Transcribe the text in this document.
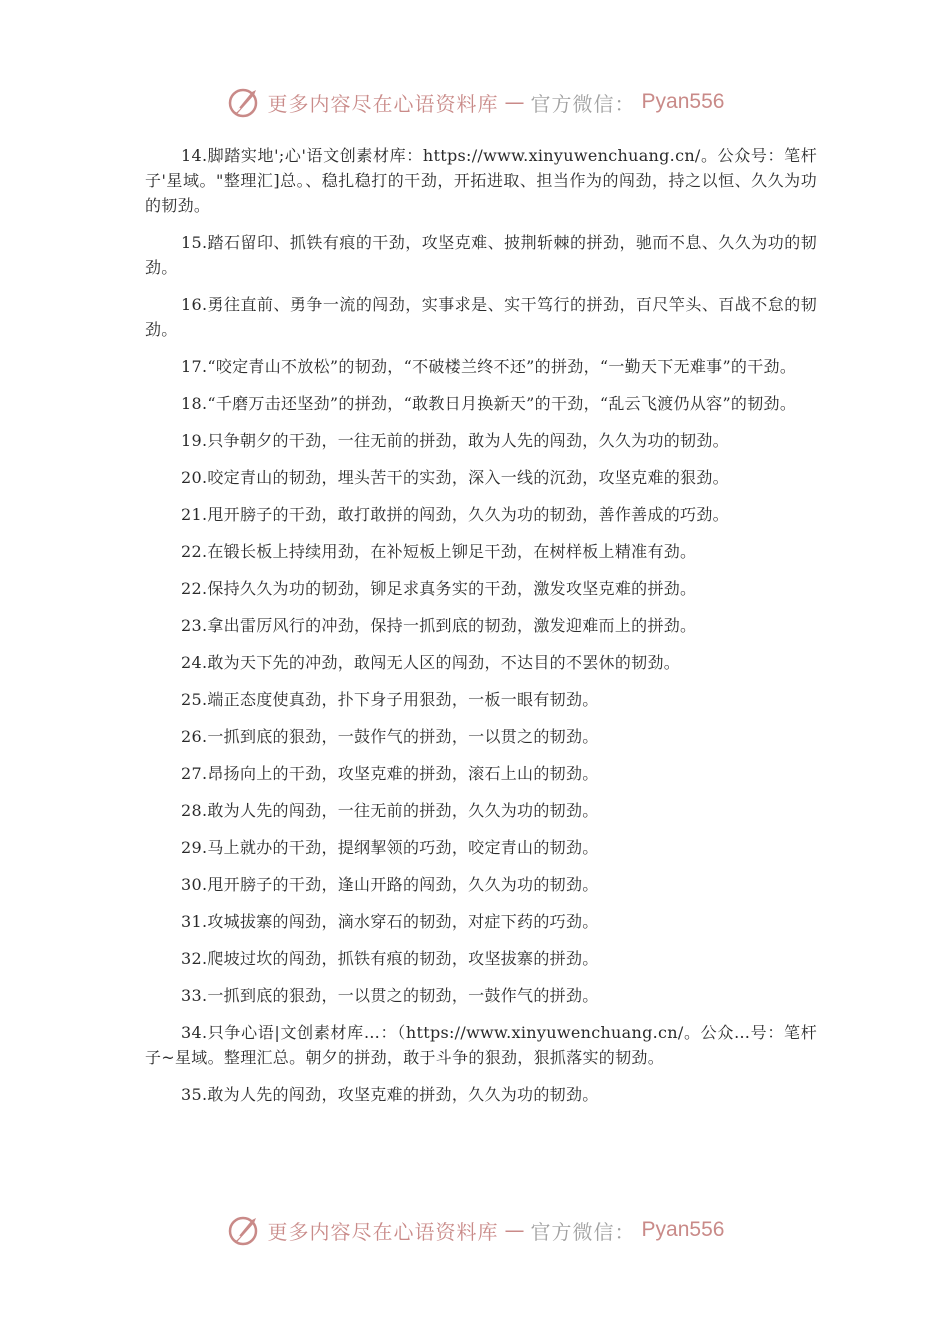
更多内容尽在心语资料库 — 官方微信： Pyan556

14.脚踏实地';心'语文创素材库：https://www.xinyuwenchuang.cn/。公众号：笔杆子'星域。"整理汇]总。、稳扎稳打的干劲，开拓进取、担当作为的闯劲，持之以恒、久久为功的韧劲。

15.踏石留印、抓铁有痕的干劲，攻坚克难、披荆斩棘的拼劲，驰而不息、久久为功的韧劲。

16.勇往直前、勇争一流的闯劲，实事求是、实干笃行的拼劲，百尺竿头、百战不怠的韧劲。

17.“咬定青山不放松”的韧劲，“不破楼兰终不还”的拼劲，“一勤天下无难事”的干劲。

18.“千磨万击还坚劲”的拼劲，“敢教日月换新天”的干劲，“乱云飞渡仍从容”的韧劲。

19.只争朝夕的干劲，一往无前的拼劲，敢为人先的闯劲，久久为功的韧劲。

20.咬定青山的韧劲，埋头苦干的实劲，深入一线的沉劲，攻坚克难的狠劲。

21.甩开膀子的干劲，敢打敢拼的闯劲，久久为功的韧劲，善作善成的巧劲。

22.在锻长板上持续用劲，在补短板上铆足干劲，在树样板上精准有劲。

22.保持久久为功的韧劲，铆足求真务实的干劲，激发攻坚克难的拼劲。

23.拿出雷厉风行的冲劲，保持一抓到底的韧劲，激发迎难而上的拼劲。

24.敢为天下先的冲劲，敢闯无人区的闯劲，不达目的不罢休的韧劲。

25.端正态度使真劲，扑下身子用狠劲，一板一眼有韧劲。

26.一抓到底的狠劲，一鼓作气的拼劲，一以贯之的韧劲。

27.昂扬向上的干劲，攻坚克难的拼劲，滚石上山的韧劲。

28.敢为人先的闯劲，一往无前的拼劲，久久为功的韧劲。

29.马上就办的干劲，提纲挈领的巧劲，咬定青山的韧劲。

30.甩开膀子的干劲，逢山开路的闯劲，久久为功的韧劲。

31.攻城拔寨的闯劲，滴水穿石的韧劲，对症下药的巧劲。

32.爬坡过坎的闯劲，抓铁有痕的韧劲，攻坚拔寨的拼劲。

33.一抓到底的狠劲，一以贯之的韧劲，一鼓作气的拼劲。

34.只争心语|文创素材库…：（https://www.xinyuwenchuang.cn/。公众…号：笔杆子~星域。整理汇总。朝夕的拼劲，敢于斗争的狠劲，狠抓落实的韧劲。

35.敢为人先的闯劲，攻坚克难的拼劲，久久为功的韧劲。

更多内容尽在心语资料库 — 官方微信： Pyan556
